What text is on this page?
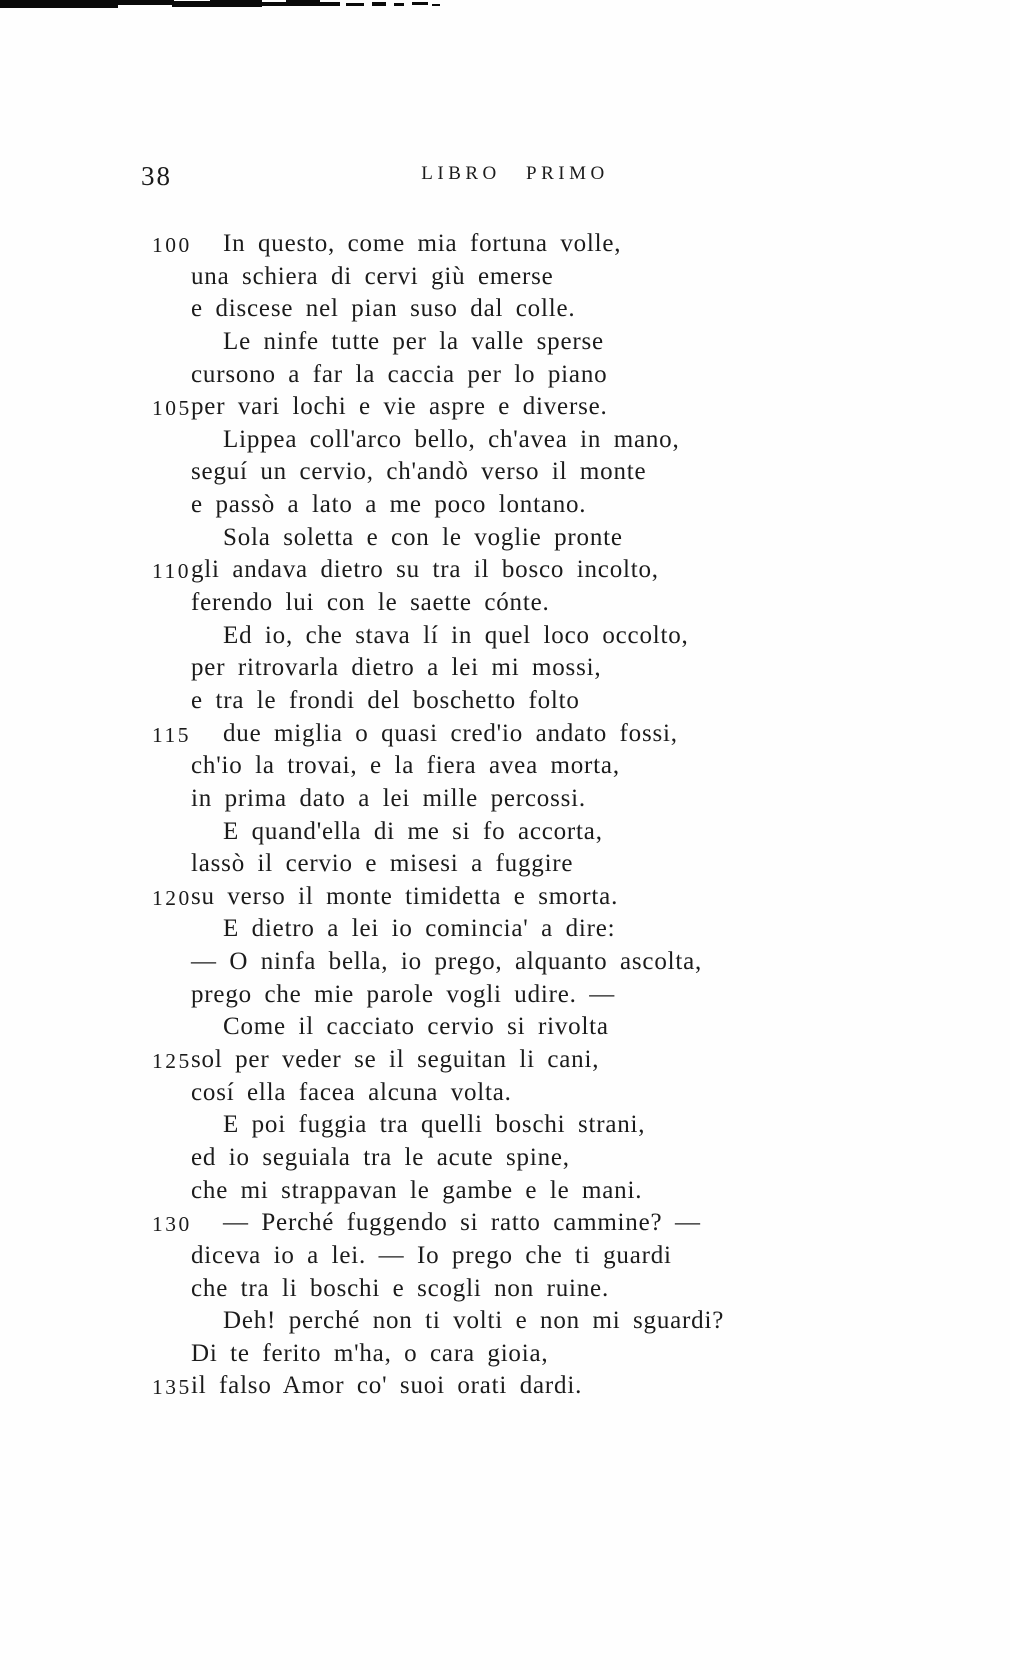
38	LIBRO PRIMO
100 In questo, come mia fortuna volle,
una schiera di cervi giù emerse
e discese nel pian suso dal colle.
Le ninfe tutte per la valle sperse
cursono a far la caccia per lo piano
105 per vari lochi e vie aspre e diverse.
Lippea coll'arco bello, ch'avea in mano,
seguí un cervio, ch'andò verso il monte
e passò a lato a me poco lontano.
Sola soletta e con le voglie pronte
110 gli andava dietro su tra il bosco incolto,
ferendo lui con le saette cónte.
Ed io, che stava lí in quel loco occolto,
per ritrovarla dietro a lei mi mossi,
e tra le frondi del boschetto folto
115 due miglia o quasi cred'io andato fossi,
ch'io la trovai, e la fiera avea morta,
in prima dato a lei mille percossi.
E quand'ella di me si fo accorta,
lassò il cervio e misesi a fuggire
120 su verso il monte timidetta e smorta.
E dietro a lei io comincia' a dire:
— O ninfa bella, io prego, alquanto ascolta,
prego che mie parole vogli udire. —
Come il cacciato cervio si rivolta
125 sol per veder se il seguitan li cani,
cosí ella facea alcuna volta.
E poi fuggia tra quelli boschi strani,
ed io seguiala tra le acute spine,
che mi strappavan le gambe e le mani.
130 — Perché fuggendo si ratto cammine? —
diceva io a lei. — Io prego che ti guardi
che tra li boschi e scogli non ruine.
Deh! perché non ti volti e non mi sguardi?
Di te ferito m'ha, o cara gioia,
135 il falso Amor co' suoi orati dardi.
